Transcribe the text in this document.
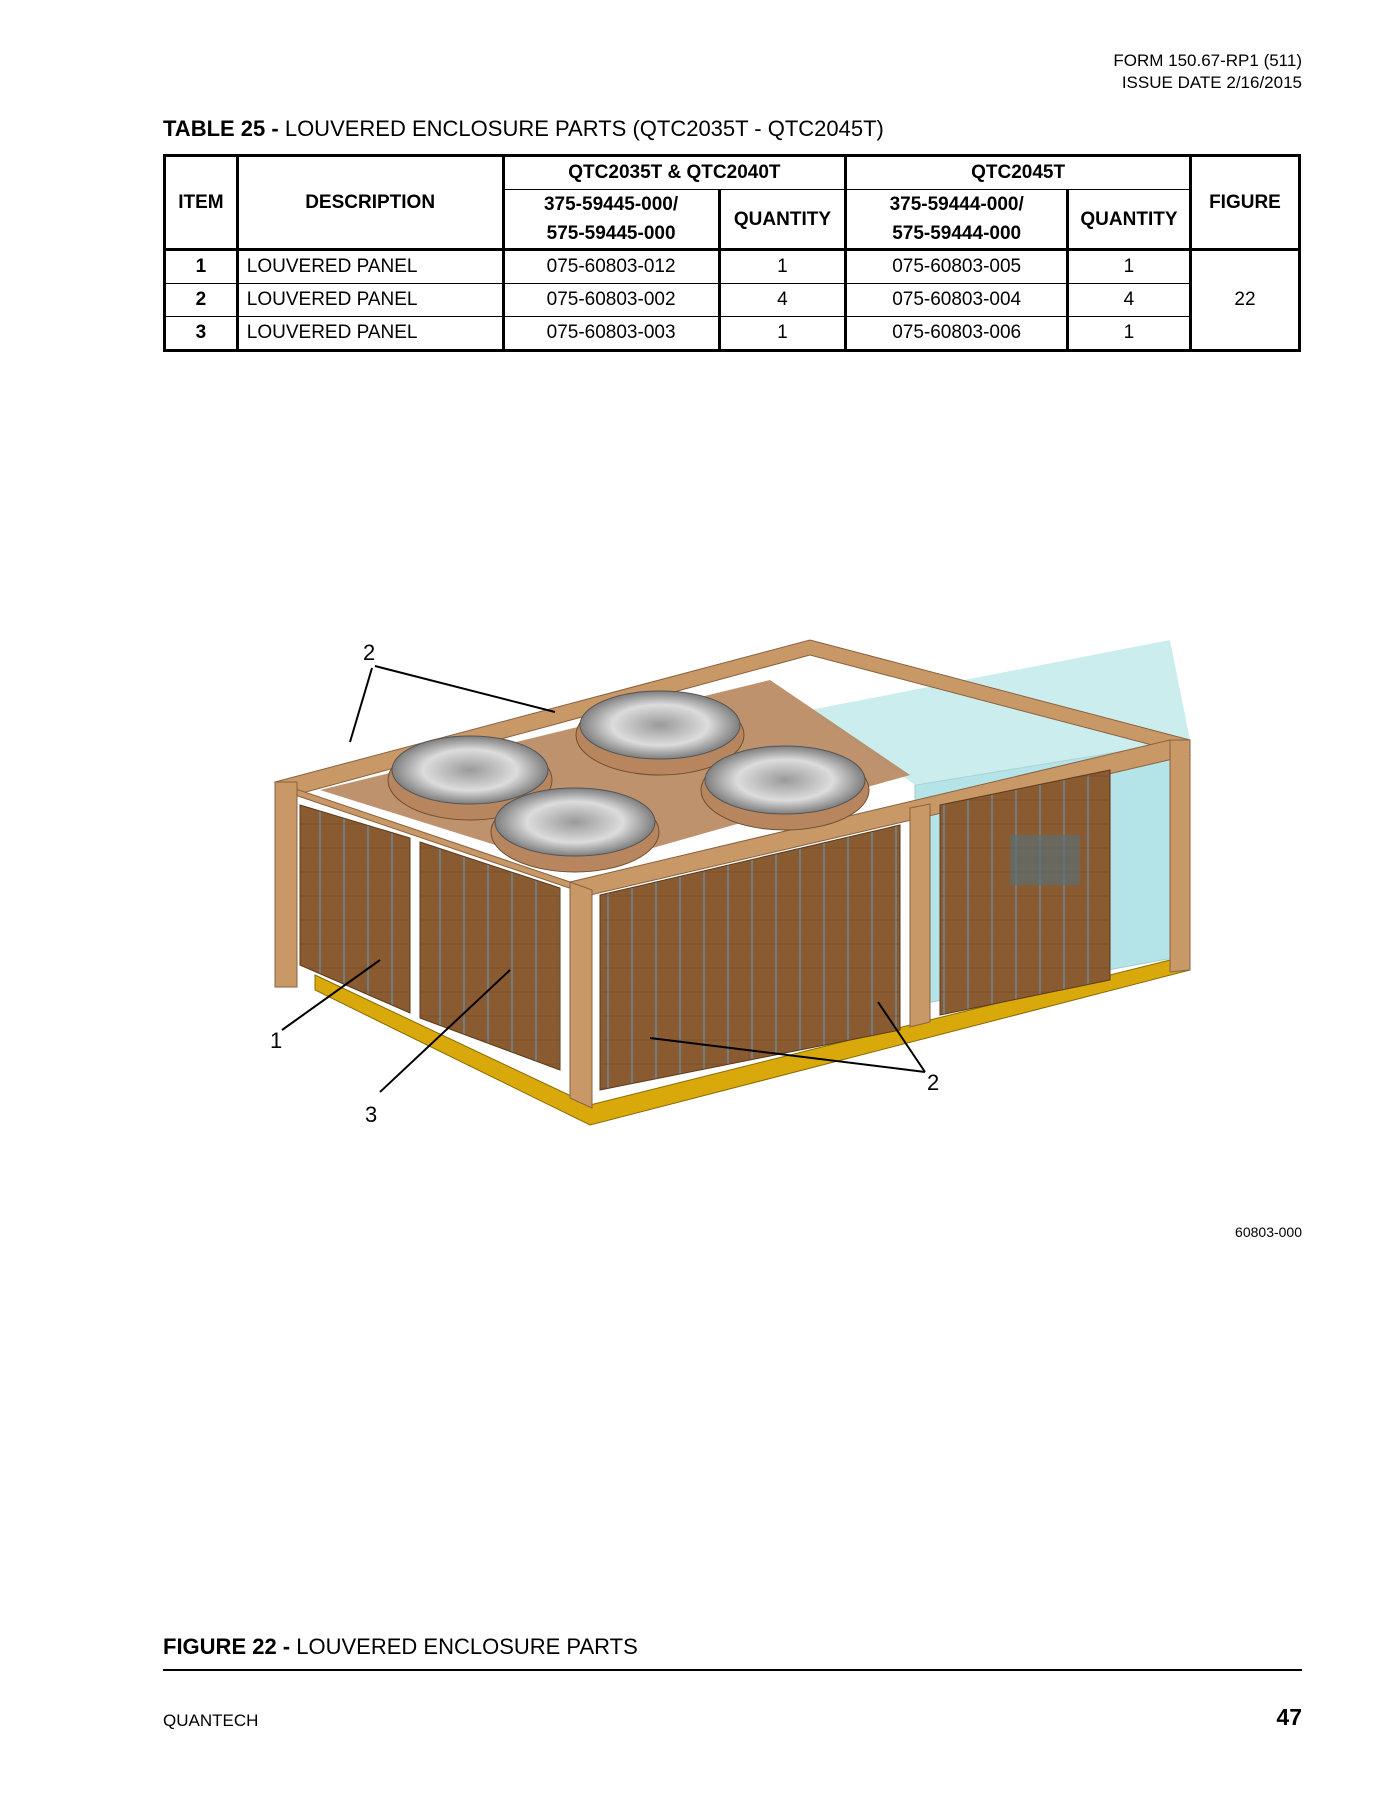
FORM 150.67-RP1 (511)
ISSUE DATE 2/16/2015
TABLE 25 - LOUVERED ENCLOSURE PARTS (QTC2035T - QTC2045T)
ITEM	DESCRIPTION	QTC2035T & QTC2040T		QTC2045T		FIGURE
		375-59445-000/
575-59445-000	QUANTITY	375-59444-000/
575-59444-000	QUANTITY	
1	LOUVERED PANEL	075-60803-012	1	075-60803-005	1	22
2	LOUVERED PANEL	075-60803-002	4	075-60803-004	4	
3	LOUVERED PANEL	075-60803-003	1	075-60803-006	1	
2
1
3
2
60803-000
FIGURE 22 - LOUVERED ENCLOSURE PARTS
QUANTECH	47
